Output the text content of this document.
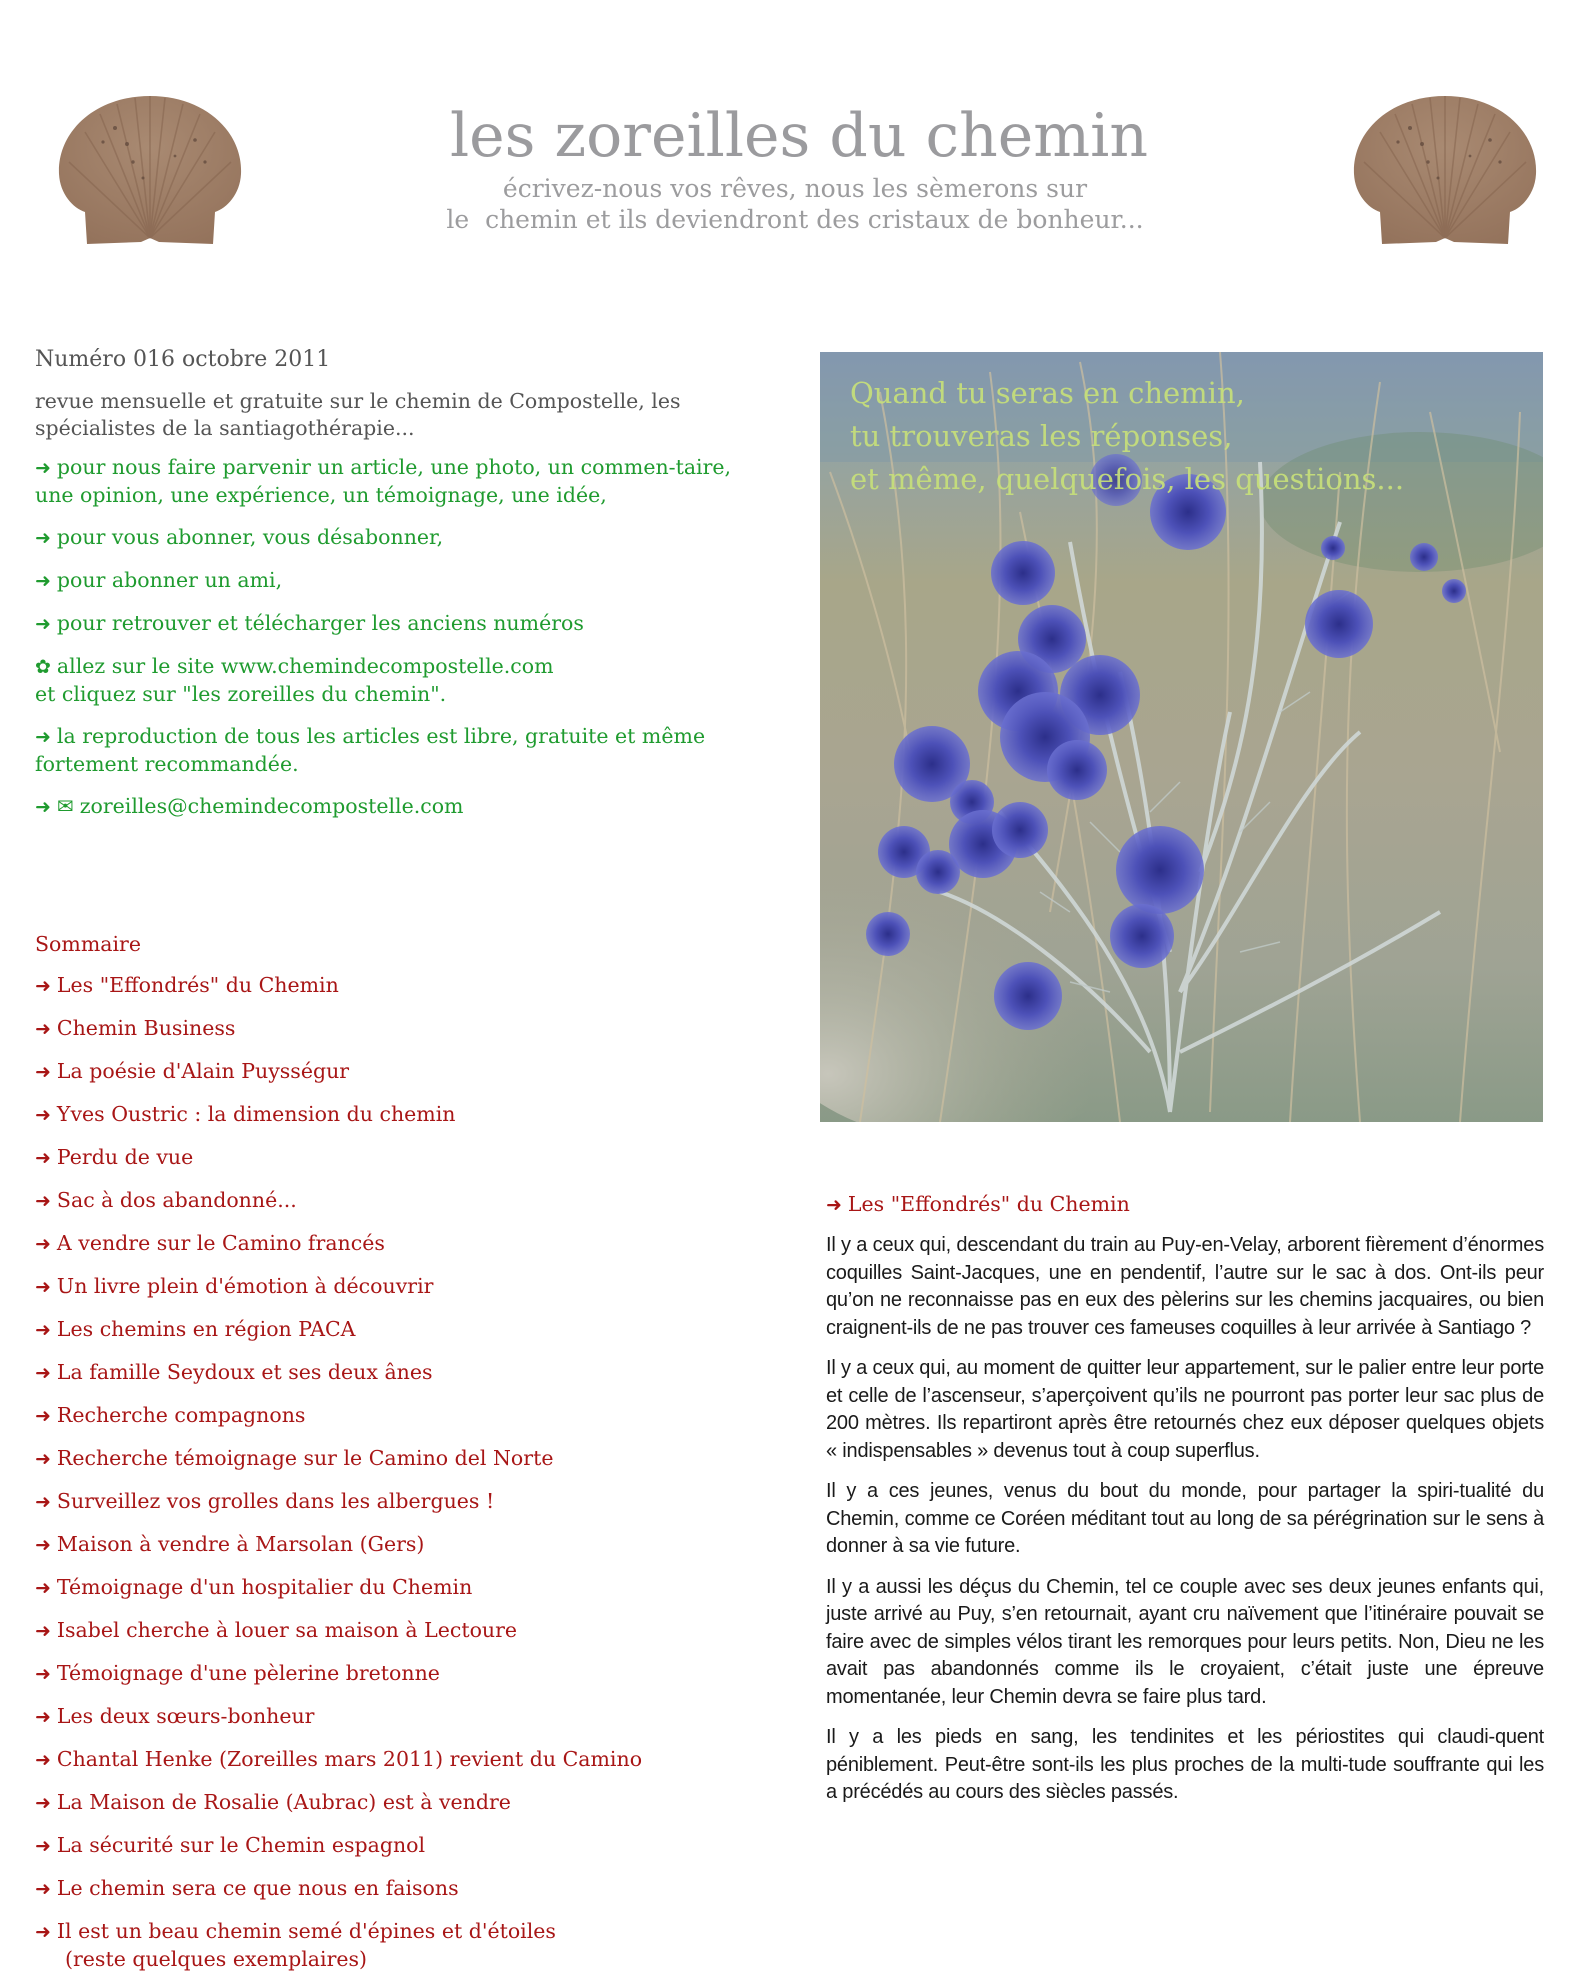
les zoreilles du chemin
écrivez-nous vos rêves, nous les sèmerons sur
le  chemin et ils deviendront des cristaux de bonheur...
Numéro 016 octobre 2011
revue mensuelle et gratuite sur le chemin de Compostelle, les spécialistes de la santiagothérapie...
➜ pour nous faire parvenir un article, une photo, un commen-taire, une opinion, une expérience, un témoignage, une idée,
➜ pour vous abonner, vous désabonner,
➜ pour abonner un ami,
➜ pour retrouver et télécharger les anciens numéros
✿ allez sur le site www.chemindecompostelle.com
et cliquez sur "les zoreilles du chemin".
➜ la reproduction de tous les articles est libre, gratuite et même fortement recommandée.
➜ ✉ zoreilles@chemindecompostelle.com
Sommaire
➜ Les "Effondrés" du Chemin
➜ Chemin Business
➜ La poésie d'Alain Puysségur
➜ Yves Oustric : la dimension du chemin
➜ Perdu de vue
➜ Sac à dos abandonné...
➜ A vendre sur le Camino francés
➜ Un livre plein d'émotion à découvrir
➜ Les chemins en région PACA
➜ La famille Seydoux et ses deux ânes
➜ Recherche compagnons
➜ Recherche témoignage sur le Camino del Norte
➜ Surveillez vos grolles dans les albergues !
➜ Maison à vendre à Marsolan (Gers)
➜ Témoignage d'un hospitalier du Chemin
➜ Isabel cherche à louer sa maison à Lectoure
➜ Témoignage d'une pèlerine bretonne
➜ Les deux sœurs-bonheur
➜ Chantal Henke (Zoreilles mars 2011) revient du Camino
➜ La Maison de Rosalie (Aubrac) est à vendre
➜ La sécurité sur le Chemin espagnol
➜ Le chemin sera ce que nous en faisons
➜ Il est un beau chemin semé d'épines et d'étoiles
(reste quelques exemplaires)
Quand tu seras en chemin,
tu trouveras les réponses,
et même, quelquefois, les questions...
➜ Les "Effondrés" du Chemin

Il y a ceux qui, descendant du train au Puy-en-Velay, arborent fièrement d’énormes coquilles Saint-Jacques, une en pendentif, l’autre sur le sac à dos. Ont-ils peur qu’on ne reconnaisse pas en eux des pèlerins sur les chemins jacquaires, ou bien craignent-ils de ne pas trouver ces fameuses coquilles à leur arrivée à Santiago ?

Il y a ceux qui, au moment de quitter leur appartement, sur le palier entre leur porte et celle de l’ascenseur, s’aperçoivent qu’ils ne pourront pas porter leur sac plus de 200 mètres. Ils repartiront après être retournés chez eux déposer quelques objets « indispensables » devenus tout à coup superflus.

Il y a ces jeunes, venus du bout du monde, pour partager la spiri-tualité du Chemin, comme ce Coréen méditant tout au long de sa pérégrination sur le sens à donner à sa vie future.

Il y a aussi les déçus du Chemin, tel ce couple avec ses deux jeunes enfants qui, juste arrivé au Puy, s’en retournait, ayant cru naïvement que l’itinéraire pouvait se faire avec de simples vélos tirant les remorques pour leurs petits. Non, Dieu ne les avait pas abandonnés comme ils le croyaient, c’était juste une épreuve momentanée, leur Chemin devra se faire plus tard.

Il y a les pieds en sang, les tendinites et les périostites qui claudi-quent péniblement. Peut-être sont-ils les plus proches de la multi-tude souffrante qui les a précédés au cours des siècles passés.
